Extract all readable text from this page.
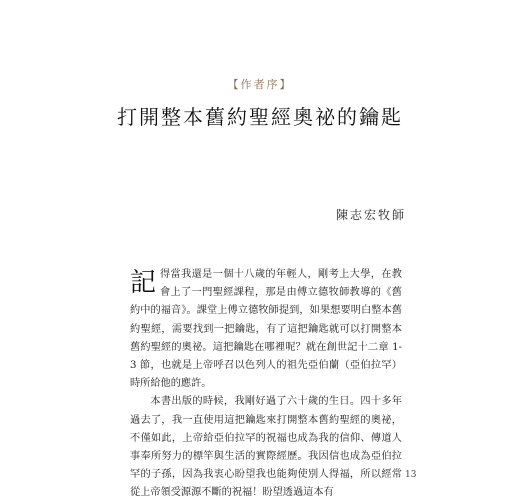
【作者序】
打開整本舊約聖經奧祕的鑰匙
陳志宏牧師

記得當我還是一個十八歲的年輕人，剛考上大學，在教會上了一門聖經課程，那是由傅立德牧師教導的《舊約中的福音》。課堂上傅立德牧師提到，如果想要明白整本舊約聖經，需要找到一把鑰匙，有了這把鑰匙就可以打開整本舊約聖經的奧祕。這把鑰匙在哪裡呢？就在創世記十二章 1-3 節，也就是上帝呼召以色列人的祖先亞伯蘭（亞伯拉罕）時所給他的應許。

本書出版的時候，我剛好過了六十歲的生日。四十多年過去了，我一直使用這把鑰匙來打開整本舊約聖經的奧祕，不僅如此，上帝給亞伯拉罕的祝福也成為我的信仰、傳道人事奉所努力的標竿與生活的實際經歷。我因信也成為亞伯拉罕的子孫，因為我衷心盼望我也能夠使別人得福，所以經常從上帝領受源源不斷的祝福！盼望透過這本有

13
